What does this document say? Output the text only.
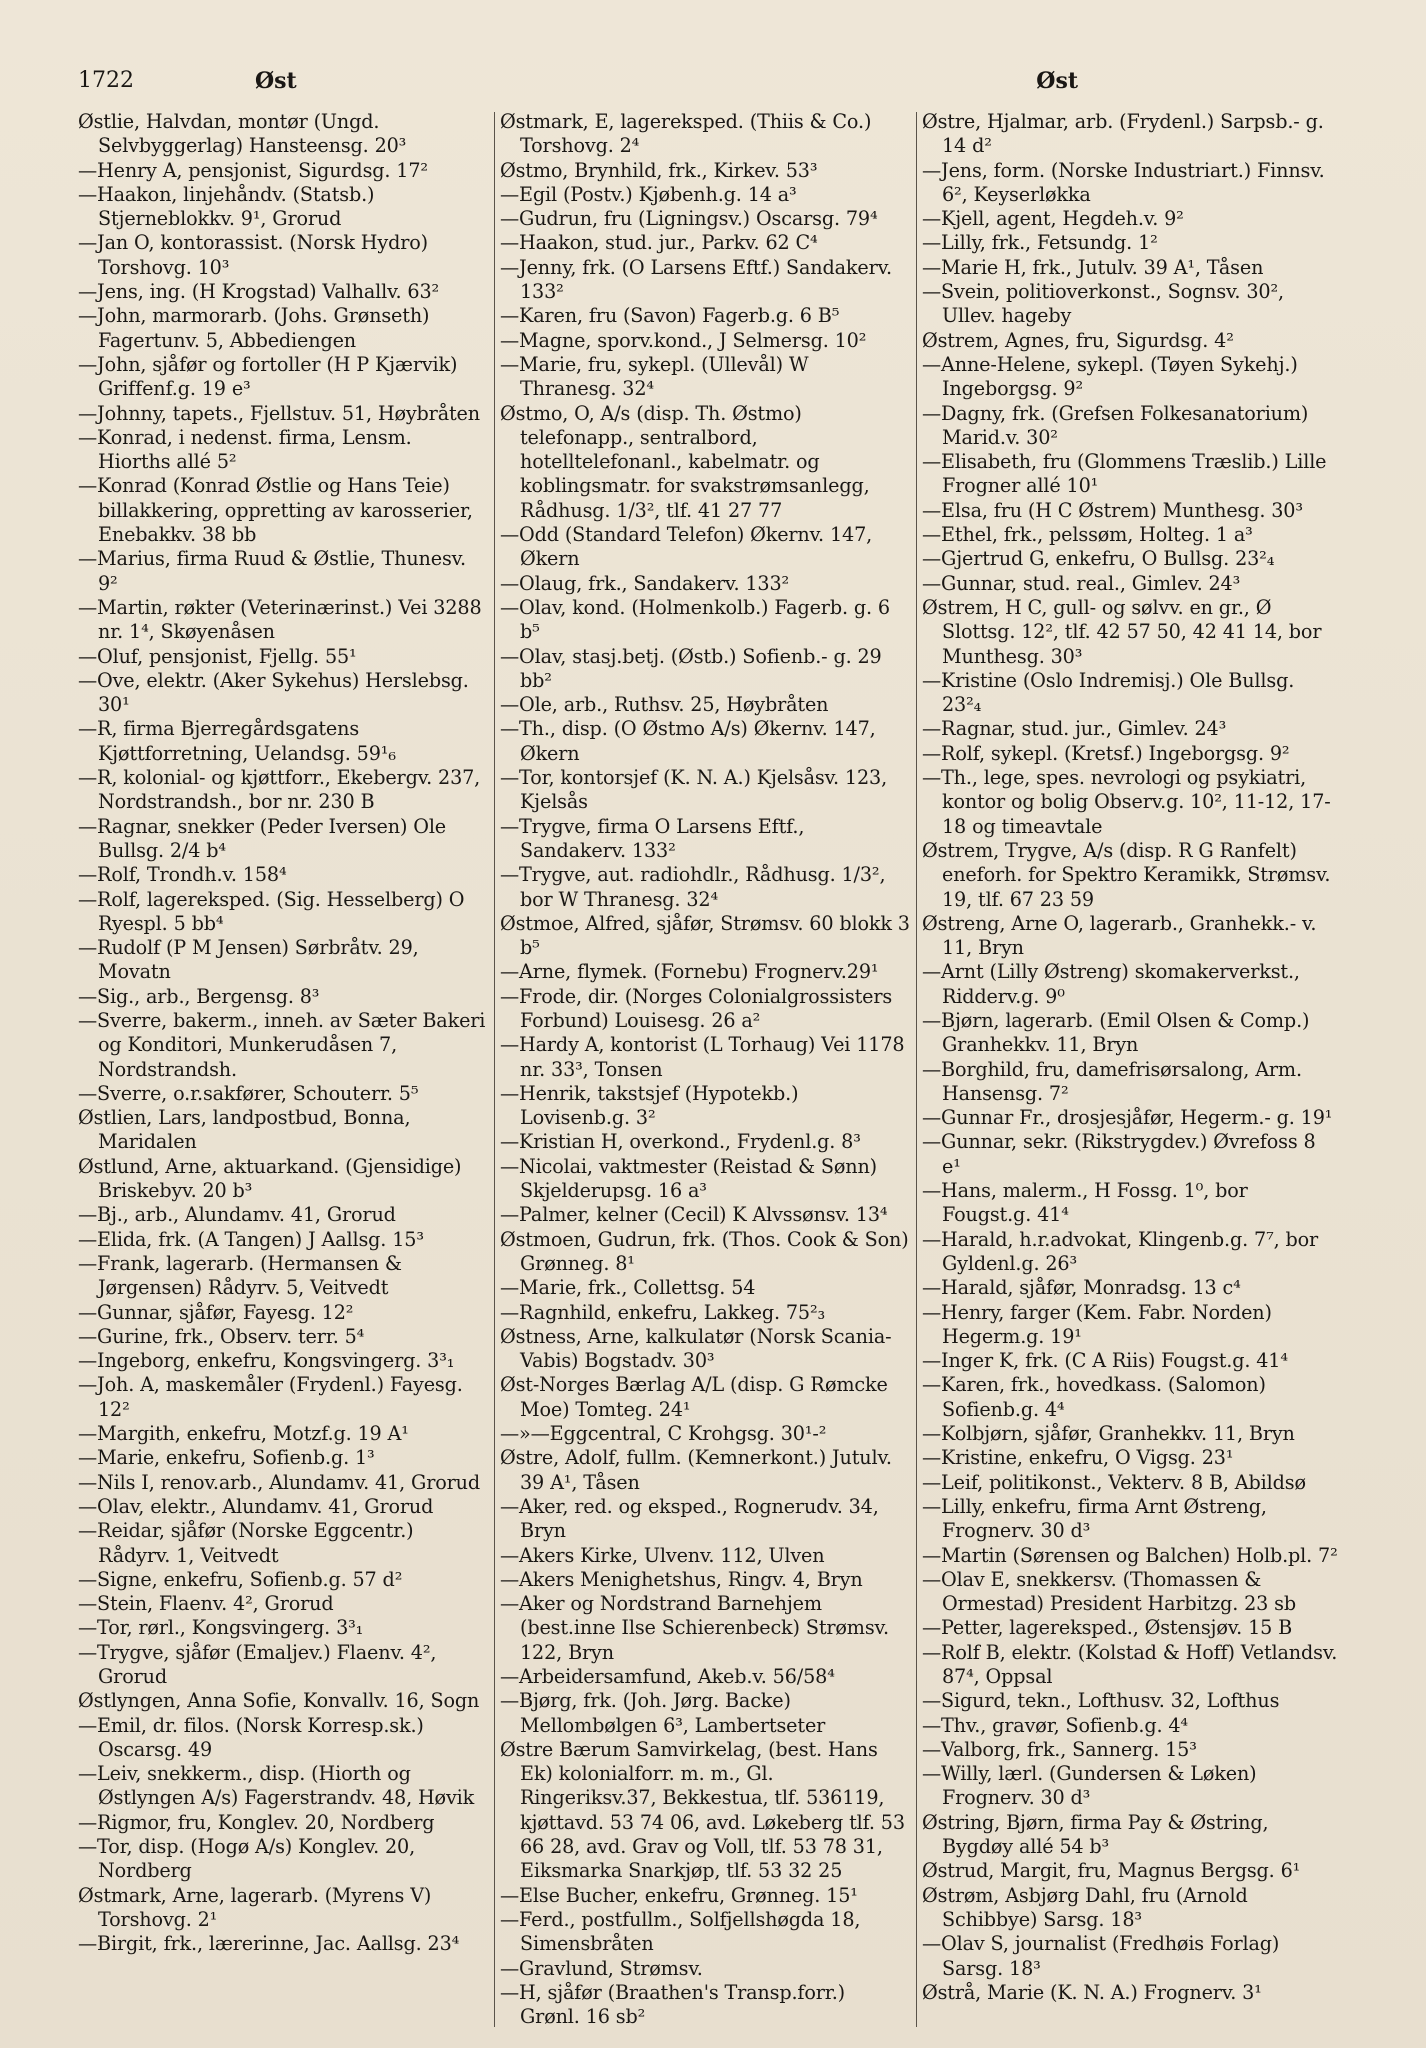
1722	Øst	Øst
Østlie, Halvdan, montør (Ungd. Selvbyggerlag) Hansteensg. 20³
—Henry A, pensjonist, Sigurdsg. 17²
—Haakon, linjehåndv. (Statsb.) Stjerneblokkv. 9¹, Grorud
—Jan O, kontorassist. (Norsk Hydro) Torshovg. 10³
—Jens, ing. (H Krogstad) Valhallv. 63²
—John, marmorarb. (Johs. Grønseth) Fagertunv. 5, Abbediengen
—John, sjåfør og fortoller (H P Kjærvik) Griffenf.g. 19 e³
—Johnny, tapets., Fjellstuv. 51, Høybråten
—Konrad, i nedenst. firma, Lensm. Hiorths allé 5²
—Konrad (Konrad Østlie og Hans Teie) billakkering, oppretting av karosserier, Enebakkv. 38 bb
—Marius, firma Ruud & Østlie, Thunesv. 9²
—Martin, røkter (Veterinærinst.) Vei 3288 nr. 1⁴, Skøyenåsen
—Oluf, pensjonist, Fjellg. 55¹
—Ove, elektr. (Aker Sykehus) Herslebsg. 30¹
—R, firma Bjerregårdsgatens Kjøttforretning, Uelandsg. 59¹₆
—R, kolonial- og kjøttforr., Ekebergv. 237, Nordstrandsh., bor nr. 230 B
—Ragnar, snekker (Peder Iversen) Ole Bullsg. 2/4 b⁴
—Rolf, Trondh.v. 158⁴
—Rolf, lagereksped. (Sig. Hesselberg) O Ryespl. 5 bb⁴
—Rudolf (P M Jensen) Sørbråtv. 29, Movatn
—Sig., arb., Bergensg. 8³
—Sverre, bakerm., inneh. av Sæter Bakeri og Konditori, Munkerudåsen 7, Nordstrandsh.
—Sverre, o.r.sakfører, Schouterr. 5⁵
Østlien, Lars, landpostbud, Bonna, Maridalen
Østlund, Arne, aktuarkand. (Gjensidige) Briskebyv. 20 b³
—Bj., arb., Alundamv. 41, Grorud
—Elida, frk. (A Tangen) J Aallsg. 15³
—Frank, lagerarb. (Hermansen & Jørgensen) Rådyrv. 5, Veitvedt
—Gunnar, sjåfør, Fayesg. 12²
—Gurine, frk., Observ. terr. 5⁴
—Ingeborg, enkefru, Kongsvingerg. 3³₁
—Joh. A, maskemåler (Frydenl.) Fayesg. 12²
—Margith, enkefru, Motzf.g. 19 A¹
—Marie, enkefru, Sofienb.g. 1³
—Nils I, renov.arb., Alundamv. 41, Grorud
—Olav, elektr., Alundamv. 41, Grorud
—Reidar, sjåfør (Norske Eggcentr.) Rådyrv. 1, Veitvedt
—Signe, enkefru, Sofienb.g. 57 d²
—Stein, Flaenv. 4², Grorud
—Tor, rørl., Kongsvingerg. 3³₁
—Trygve, sjåfør (Emaljev.) Flaenv. 4², Grorud
Østlyngen, Anna Sofie, Konvallv. 16, Sogn
—Emil, dr. filos. (Norsk Korresp.sk.) Oscarsg. 49
—Leiv, snekkerm., disp. (Hiorth og Østlyngen A/s) Fagerstrandv. 48, Høvik
—Rigmor, fru, Konglev. 20, Nordberg
—Tor, disp. (Hogø A/s) Konglev. 20, Nordberg
Østmark, Arne, lagerarb. (Myrens V) Torshovg. 2¹
—Birgit, frk., lærerinne, Jac. Aallsg. 23⁴
Østmark, E, lagereksped. (Thiis & Co.) Torshovg. 2⁴
Østmo, Brynhild, frk., Kirkev. 53³
—Egil (Postv.) Kjøbenh.g. 14 a³
—Gudrun, fru (Ligningsv.) Oscarsg. 79⁴
—Haakon, stud. jur., Parkv. 62 C⁴
—Jenny, frk. (O Larsens Eftf.) Sandakerv. 133²
—Karen, fru (Savon) Fagerb.g. 6 B⁵
—Magne, sporv.kond., J Selmersg. 10²
—Marie, fru, sykepl. (Ullevål) W Thranesg. 32⁴
Østmo, O, A/s (disp. Th. Østmo) telefonapp., sentralbord, hotelltelefonanl., kabelmatr. og koblingsmatr. for svakstrømsanlegg, Rådhusg. 1/3², tlf. 41 27 77
—Odd (Standard Telefon) Økernv. 147, Økern
—Olaug, frk., Sandakerv. 133²
—Olav, kond. (Holmenkolb.) Fagerb. g. 6 b⁵
—Olav, stasj.betj. (Østb.) Sofienb.- g. 29 bb²
—Ole, arb., Ruthsv. 25, Høybråten
—Th., disp. (O Østmo A/s) Økernv. 147, Økern
—Tor, kontorsjef (K. N. A.) Kjelsåsv. 123, Kjelsås
—Trygve, firma O Larsens Eftf., Sandakerv. 133²
—Trygve, aut. radiohdlr., Rådhusg. 1/3², bor W Thranesg. 32⁴
Østmoe, Alfred, sjåfør, Strømsv. 60 blokk 3 b⁵
—Arne, flymek. (Fornebu) Frognerv.29¹
—Frode, dir. (Norges Colonialgrossisters Forbund) Louisesg. 26 a²
—Hardy A, kontorist (L Torhaug) Vei 1178 nr. 33³, Tonsen
—Henrik, takstsjef (Hypotekb.) Lovisenb.g. 3²
—Kristian H, overkond., Frydenl.g. 8³
—Nicolai, vaktmester (Reistad & Sønn) Skjelderupsg. 16 a³
—Palmer, kelner (Cecil) K Alvssønsv. 13⁴
Østmoen, Gudrun, frk. (Thos. Cook & Son) Grønneg. 8¹
—Marie, frk., Collettsg. 54
—Ragnhild, enkefru, Lakkeg. 75²₃
Østness, Arne, kalkulatør (Norsk Scania-Vabis) Bogstadv. 30³
Øst-Norges Bærlag A/L (disp. G Rømcke Moe) Tomteg. 24¹
—»—Eggcentral, C Krohgsg. 30¹-²
Østre, Adolf, fullm. (Kemnerkont.) Jutulv. 39 A¹, Tåsen
—Aker, red. og eksped., Rognerudv. 34, Bryn
—Akers Kirke, Ulvenv. 112, Ulven
—Akers Menighetshus, Ringv. 4, Bryn
—Aker og Nordstrand Barnehjem (best.inne Ilse Schierenbeck) Strømsv. 122, Bryn
—Arbeidersamfund, Akeb.v. 56/58⁴
—Bjørg, frk. (Joh. Jørg. Backe) Mellombølgen 6³, Lambertseter
Østre Bærum Samvirkelag, (best. Hans Ek) kolonialforr. m. m., Gl. Ringeriksv.37, Bekkestua, tlf. 536119, kjøttavd. 53 74 06, avd. Løkeberg tlf. 53 66 28, avd. Grav og Voll, tlf. 53 78 31, Eiksmarka Snarkjøp, tlf. 53 32 25
—Else Bucher, enkefru, Grønneg. 15¹
—Ferd., postfullm., Solfjellshøgda 18, Simensbråten
—Gravlund, Strømsv.
—H, sjåfør (Braathen's Transp.forr.) Grønl. 16 sb²
Østre, Hjalmar, arb. (Frydenl.) Sarpsb.- g. 14 d²
—Jens, form. (Norske Industriart.) Finnsv. 6², Keyserløkka
—Kjell, agent, Hegdeh.v. 9²
—Lilly, frk., Fetsundg. 1²
—Marie H, frk., Jutulv. 39 A¹, Tåsen
—Svein, politioverkonst., Sognsv. 30², Ullev. hageby
Østrem, Agnes, fru, Sigurdsg. 4²
—Anne-Helene, sykepl. (Tøyen Sykehj.) Ingeborgsg. 9²
—Dagny, frk. (Grefsen Folkesanatorium) Marid.v. 30²
—Elisabeth, fru (Glommens Træslib.) Lille Frogner allé 10¹
—Elsa, fru (H C Østrem) Munthesg. 30³
—Ethel, frk., pelssøm, Holteg. 1 a³
—Gjertrud G, enkefru, O Bullsg. 23²₄
—Gunnar, stud. real., Gimlev. 24³
Østrem, H C, gull- og sølvv. en gr., Ø Slottsg. 12², tlf. 42 57 50, 42 41 14, bor Munthesg. 30³
—Kristine (Oslo Indremisj.) Ole Bullsg. 23²₄
—Ragnar, stud. jur., Gimlev. 24³
—Rolf, sykepl. (Kretsf.) Ingeborgsg. 9²
—Th., lege, spes. nevrologi og psykiatri, kontor og bolig Observ.g. 10², 11-12, 17-18 og timeavtale
Østrem, Trygve, A/s (disp. R G Ranfelt) eneforh. for Spektro Keramikk, Strømsv. 19, tlf. 67 23 59
Østreng, Arne O, lagerarb., Granhekk.- v. 11, Bryn
—Arnt (Lilly Østreng) skomakerverkst., Ridderv.g. 9⁰
—Bjørn, lagerarb. (Emil Olsen & Comp.) Granhekkv. 11, Bryn
—Borghild, fru, damefrisørsalong, Arm. Hansensg. 7²
—Gunnar Fr., drosjesjåfør, Hegerm.- g. 19¹
—Gunnar, sekr. (Rikstrygdev.) Øvrefoss 8 e¹
—Hans, malerm., H Fossg. 1⁰, bor Fougst.g. 41⁴
—Harald, h.r.advokat, Klingenb.g. 7⁷, bor Gyldenl.g. 26³
—Harald, sjåfør, Monradsg. 13 c⁴
—Henry, farger (Kem. Fabr. Norden) Hegerm.g. 19¹
—Inger K, frk. (C A Riis) Fougst.g. 41⁴
—Karen, frk., hovedkass. (Salomon) Sofienb.g. 4⁴
—Kolbjørn, sjåfør, Granhekkv. 11, Bryn
—Kristine, enkefru, O Vigsg. 23¹
—Leif, politikonst., Vekterv. 8 B, Abildsø
—Lilly, enkefru, firma Arnt Østreng, Frognerv. 30 d³
—Martin (Sørensen og Balchen) Holb.pl. 7²
—Olav E, snekkersv. (Thomassen & Ormestad) President Harbitzg. 23 sb
—Petter, lagereksped., Østensjøv. 15 B
—Rolf B, elektr. (Kolstad & Hoff) Vetlandsv. 87⁴, Oppsal
—Sigurd, tekn., Lofthusv. 32, Lofthus
—Thv., gravør, Sofienb.g. 4⁴
—Valborg, frk., Sannerg. 15³
—Willy, lærl. (Gundersen & Løken) Frognerv. 30 d³
Østring, Bjørn, firma Pay & Østring, Bygdøy allé 54 b³
Østrud, Margit, fru, Magnus Bergsg. 6¹
Østrøm, Asbjørg Dahl, fru (Arnold Schibbye) Sarsg. 18³
—Olav S, journalist (Fredhøis Forlag) Sarsg. 18³
Østrå, Marie (K. N. A.) Frognerv. 3¹
